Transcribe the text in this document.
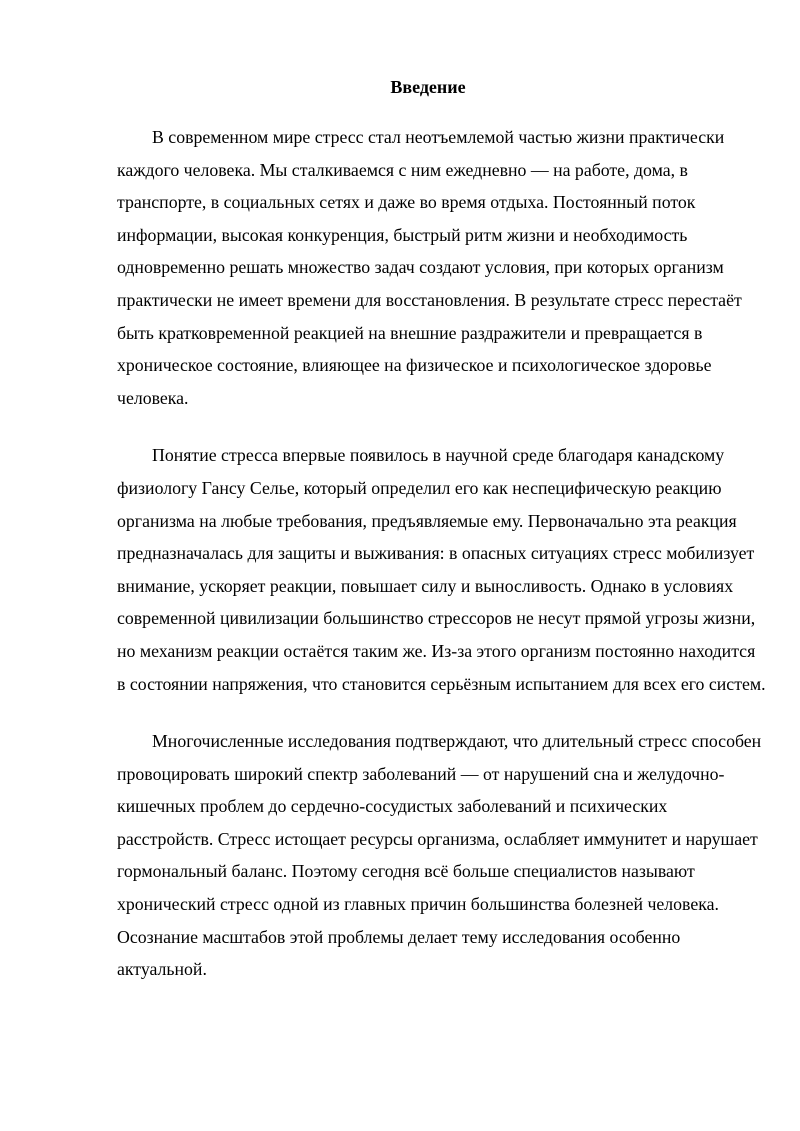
Введение

В современном мире стресс стал неотъемлемой частью жизни практически каждого человека. Мы сталкиваемся с ним ежедневно — на работе, дома, в транспорте, в социальных сетях и даже во время отдыха. Постоянный поток информации, высокая конкуренция, быстрый ритм жизни и необходимость одновременно решать множество задач создают условия, при которых организм практически не имеет времени для восстановления. В результате стресс перестаёт быть кратковременной реакцией на внешние раздражители и превращается в хроническое состояние, влияющее на физическое и психологическое здоровье человека.

Понятие стресса впервые появилось в научной среде благодаря канадскому физиологу Гансу Селье, который определил его как неспецифическую реакцию организма на любые требования, предъявляемые ему. Первоначально эта реакция предназначалась для защиты и выживания: в опасных ситуациях стресс мобилизует внимание, ускоряет реакции, повышает силу и выносливость. Однако в условиях современной цивилизации большинство стрессоров не несут прямой угрозы жизни, но механизм реакции остаётся таким же. Из-за этого организм постоянно находится в состоянии напряжения, что становится серьёзным испытанием для всех его систем.

Многочисленные исследования подтверждают, что длительный стресс способен провоцировать широкий спектр заболеваний — от нарушений сна и желудочно-кишечных проблем до сердечно-сосудистых заболеваний и психических расстройств. Стресс истощает ресурсы организма, ослабляет иммунитет и нарушает гормональный баланс. Поэтому сегодня всё больше специалистов называют хронический стресс одной из главных причин большинства болезней человека. Осознание масштабов этой проблемы делает тему исследования особенно актуальной.
